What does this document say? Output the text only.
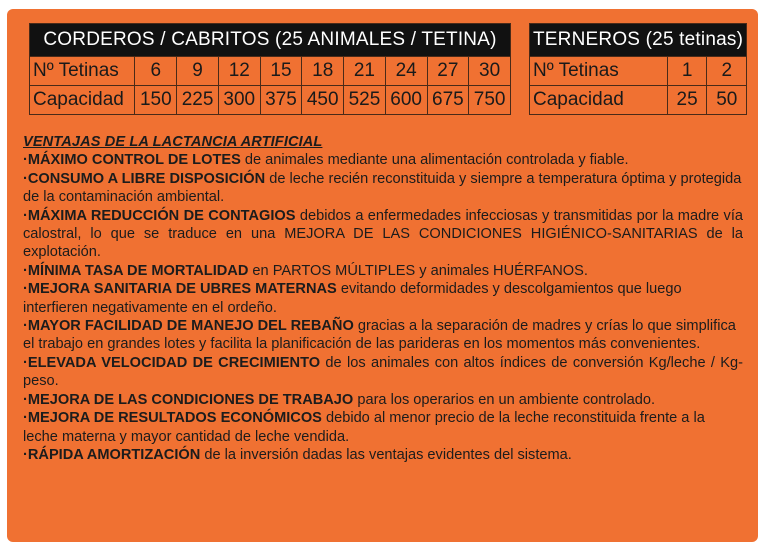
CORDEROS / CABRITOS (25 ANIMALES / TETINA)									
Nº Tetinas	6	9	12	15	18	21	24	27	30
Capacidad	150	225	300	375	450	525	600	675	750
TERNEROS (25 tetinas)		
Nº Tetinas	1	2
Capacidad	25	50

VENTAJAS DE LA LACTANCIA ARTIFICIAL

·MÁXIMO CONTROL DE LOTES de animales mediante una alimentación controlada y fiable.

·CONSUMO A LIBRE DISPOSICIÓN de leche recién reconstituida y siempre a temperatura óptima y protegida de la contaminación ambiental.

·MÁXIMA REDUCCIÓN DE CONTAGIOS debidos a enfermedades infecciosas y transmitidas por la madre vía calostral, lo que se traduce en una MEJORA DE LAS CONDICIONES HIGIÉNICO-SANITARIAS de la explotación.

·MÍNIMA TASA DE MORTALIDAD en PARTOS MÚLTIPLES y animales HUÉRFANOS.

·MEJORA SANITARIA DE UBRES MATERNAS evitando deformidades y descolgamientos que luego interfieren negativamente en el ordeño.

·MAYOR FACILIDAD DE MANEJO DEL REBAÑO gracias a la separación de madres y crías lo que simplifica el trabajo en grandes lotes y facilita la planificación de las parideras en los momentos más convenientes.

·ELEVADA VELOCIDAD DE CRECIMIENTO de los animales con altos índices de conversión Kg/leche / Kg-peso.

·MEJORA DE LAS CONDICIONES DE TRABAJO para los operarios en un ambiente controlado.

·MEJORA DE RESULTADOS ECONÓMICOS debido al menor precio de la leche reconstituida frente a la leche materna y mayor cantidad de leche vendida.

·RÁPIDA AMORTIZACIÓN de la inversión dadas las ventajas evidentes del sistema.
